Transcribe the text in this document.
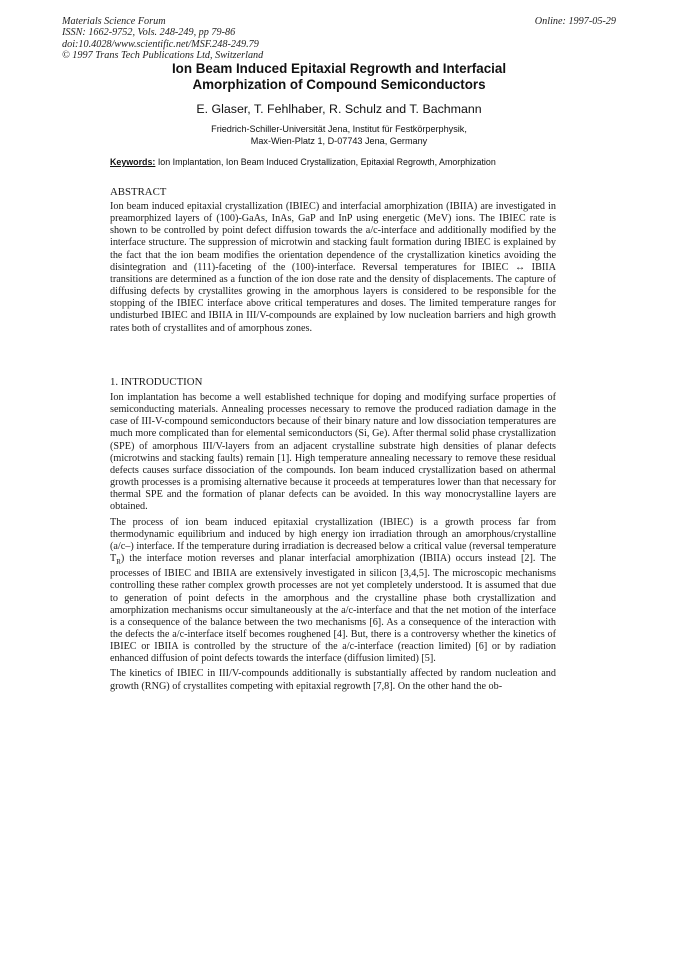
Materials Science Forum
ISSN: 1662-9752, Vols. 248-249, pp 79-86
doi:10.4028/www.scientific.net/MSF.248-249.79
© 1997 Trans Tech Publications Ltd, Switzerland
Online: 1997-05-29
Ion Beam Induced Epitaxial Regrowth and Interfacial
Amorphization of Compound Semiconductors
E. Glaser, T. Fehlhaber, R. Schulz and T. Bachmann
Friedrich-Schiller-Universität Jena, Institut für Festkörperphysik,
Max-Wien-Platz 1, D-07743 Jena, Germany
Keywords: Ion Implantation, Ion Beam Induced Crystallization, Epitaxial Regrowth, Amorphization
ABSTRACT

Ion beam induced epitaxial crystallization (IBIEC) and interfacial amorphization (IBIIA) are investigated in preamorphized layers of (100)-GaAs, InAs, GaP and InP using energetic (MeV) ions. The IBIEC rate is shown to be controlled by point defect diffusion towards the a/c-interface and additionally modified by the interface structure. The suppression of microtwin and stacking fault formation during IBIEC is explained by the fact that the ion beam modifies the orientation dependence of the crystallization kinetics avoiding the disintegration and (111)-faceting of the (100)-interface. Reversal temperatures for IBIEC ↔ IBIIA transitions are determined as a function of the ion dose rate and the density of displacements. The capture of diffusing defects by crystallites growing in the amorphous layers is considered to be responsible for the stopping of the IBIEC interface above critical temperatures and doses. The limited temperature ranges for undisturbed IBIEC and IBIIA in III/V-compounds are explained by low nucleation barriers and high growth rates both of crystallites and of amorphous zones.

1. INTRODUCTION

Ion implantation has become a well established technique for doping and modifying surface properties of semiconducting materials. Annealing processes necessary to remove the produced radiation damage in the case of III-V-compound semiconductors because of their binary nature and low dissociation temperatures are much more complicated than for elemental semiconductors (Si, Ge). After thermal solid phase crystallization (SPE) of amorphous III/V-layers from an adjacent crystalline substrate high densities of planar defects (microtwins and stacking faults) remain [1]. High temperature annealing necessary to remove these residual defects causes surface dissociation of the compounds. Ion beam induced crystallization based on athermal growth processes is a promising alternative because it proceeds at temperatures lower than that necessary for thermal SPE and the formation of planar defects can be avoided. In this way monocrystalline layers are obtained.

The process of ion beam induced epitaxial crystallization (IBIEC) is a growth process far from thermodynamic equilibrium and induced by high energy ion irradiation through an amorphous/crystalline (a/c–) interface. If the temperature during irradiation is decreased below a critical value (reversal temperature $T_R$) the interface motion reverses and planar interfacial amorphization (IBIIA) occurs instead [2]. The processes of IBIEC and IBIIA are extensively investigated in silicon [3,4,5]. The microscopic mechanisms controlling these rather complex growth processes are not yet completely understood. It is assumed that due to generation of point defects in the amorphous and the crystalline phase both crystallization and amorphization mechanisms occur simultaneously at the a/c-interface and that the net motion of the interface is a consequence of the balance between the two mechanisms [6]. As a consequence of the interaction with the defects the a/c-interface itself becomes roughened [4]. But, there is a controversy whether the kinetics of IBIEC or IBIIA is controlled by the structure of the a/c-interface (reaction limited) [6] or by radiation enhanced diffusion of point defects towards the interface (diffusion limited) [5].

The kinetics of IBIEC in III/V-compounds additionally is substantially affected by random nucleation and growth (RNG) of crystallites competing with epitaxial regrowth [7,8]. On the other hand the ob-
